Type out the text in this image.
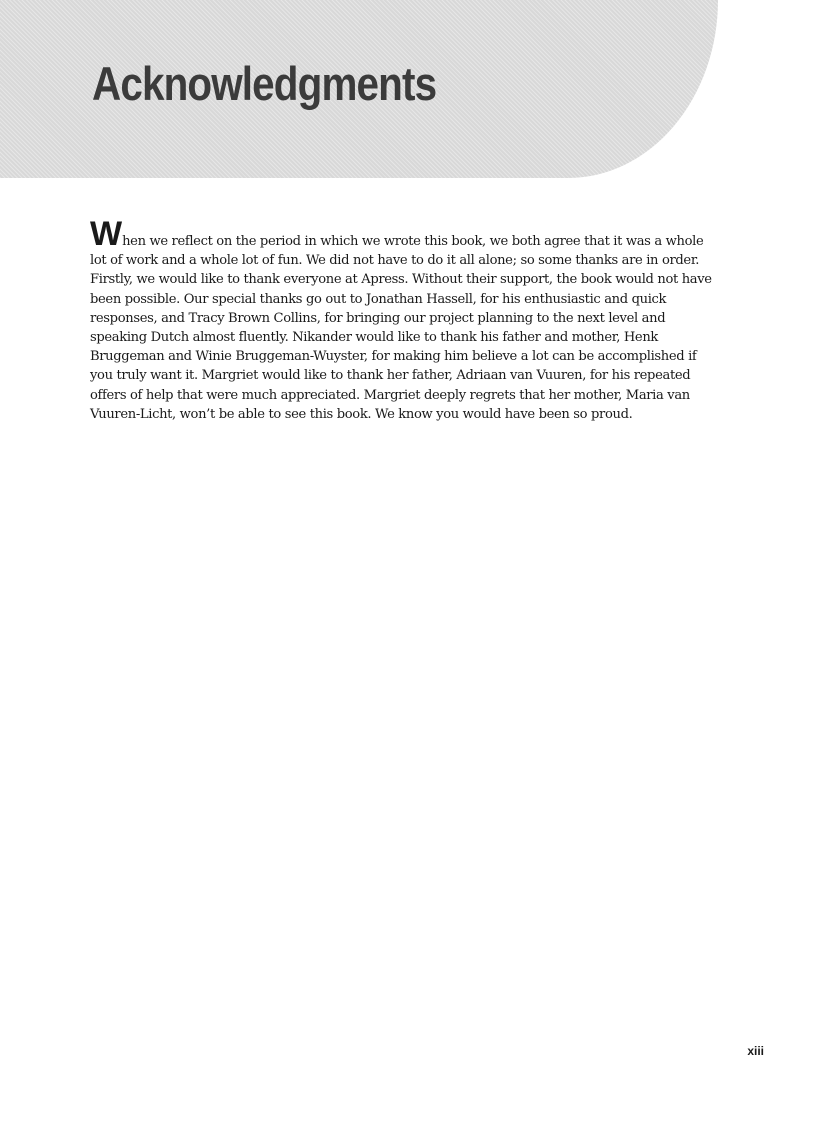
Acknowledgments

When we reflect on the period in which we wrote this book, we both agree that it was a whole lot of work and a whole lot of fun. We did not have to do it all alone; so some thanks are in order. Firstly, we would like to thank everyone at Apress. Without their support, the book would not have been possible. Our special thanks go out to Jonathan Hassell, for his enthusiastic and quick responses, and Tracy Brown Collins, for bringing our project planning to the next level and speaking Dutch almost fluently. Nikander would like to thank his father and mother, Henk Bruggeman and Winie Bruggeman-Wuyster, for making him believe a lot can be accomplished if you truly want it. Margriet would like to thank her father, Adriaan van Vuuren, for his repeated offers of help that were much appreciated. Margriet deeply regrets that her mother, Maria van Vuuren-Licht, won’t be able to see this book. We know you would have been so proud.

xiii
